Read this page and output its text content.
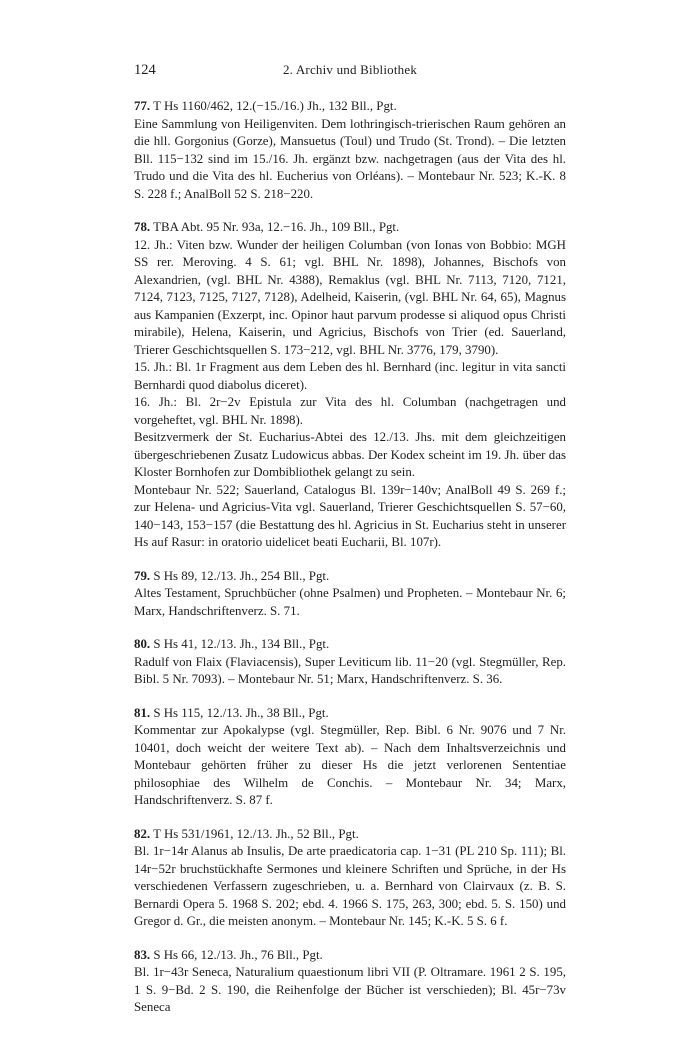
124	2. Archiv und Bibliothek
77. T Hs 1160/462, 12.(−15./16.) Jh., 132 Bll., Pgt.

Eine Sammlung von Heiligenviten. Dem lothringisch-trierischen Raum gehören an die hll. Gorgonius (Gorze), Mansuetus (Toul) und Trudo (St. Trond). – Die letzten Bll. 115−132 sind im 15./16. Jh. ergänzt bzw. nachgetragen (aus der Vita des hl. Trudo und die Vita des hl. Eucherius von Orléans). – Montebaur Nr. 523; K.-K. 8 S. 228 f.; AnalBoll 52 S. 218−220.

78. TBA Abt. 95 Nr. 93a, 12.−16. Jh., 109 Bll., Pgt.

12. Jh.: Viten bzw. Wunder der heiligen Columban (von Ionas von Bobbio: MGH SS rer. Meroving. 4 S. 61; vgl. BHL Nr. 1898), Johannes, Bischofs von Alexandrien, (vgl. BHL Nr. 4388), Remaklus (vgl. BHL Nr. 7113, 7120, 7121, 7124, 7123, 7125, 7127, 7128), Adelheid, Kaiserin, (vgl. BHL Nr. 64, 65), Magnus aus Kampanien (Exzerpt, inc. Opinor haut parvum prodesse si aliquod opus Christi mirabile), Helena, Kaiserin, und Agricius, Bischofs von Trier (ed. Sauerland, Trierer Geschichtsquellen S. 173−212, vgl. BHL Nr. 3776, 179, 3790).

15. Jh.: Bl. 1r Fragment aus dem Leben des hl. Bernhard (inc. legitur in vita sancti Bernhardi quod diabolus diceret).

16. Jh.: Bl. 2r−2v Epistula zur Vita des hl. Columban (nachgetragen und vorgeheftet, vgl. BHL Nr. 1898).

Besitzvermerk der St. Eucharius-Abtei des 12./13. Jhs. mit dem gleichzeitigen übergeschriebenen Zusatz Ludowicus abbas. Der Kodex scheint im 19. Jh. über das Kloster Bornhofen zur Dombibliothek gelangt zu sein.

Montebaur Nr. 522; Sauerland, Catalogus Bl. 139r−140v; AnalBoll 49 S. 269 f.; zur Helena- und Agricius-Vita vgl. Sauerland, Trierer Geschichtsquellen S. 57−60, 140−143, 153−157 (die Bestattung des hl. Agricius in St. Eucharius steht in unserer Hs auf Rasur: in oratorio uidelicet beati Eucharii, Bl. 107r).

79. S Hs 89, 12./13. Jh., 254 Bll., Pgt.

Altes Testament, Spruchbücher (ohne Psalmen) und Propheten. – Montebaur Nr. 6; Marx, Handschriftenverz. S. 71.

80. S Hs 41, 12./13. Jh., 134 Bll., Pgt.

Radulf von Flaix (Flaviacensis), Super Leviticum lib. 11−20 (vgl. Stegmüller, Rep. Bibl. 5 Nr. 7093). – Montebaur Nr. 51; Marx, Handschriftenverz. S. 36.

81. S Hs 115, 12./13. Jh., 38 Bll., Pgt.

Kommentar zur Apokalypse (vgl. Stegmüller, Rep. Bibl. 6 Nr. 9076 und 7 Nr. 10401, doch weicht der weitere Text ab). – Nach dem Inhaltsverzeichnis und Montebaur gehörten früher zu dieser Hs die jetzt verlorenen Sententiae philosophiae des Wilhelm de Conchis. – Montebaur Nr. 34; Marx, Handschriftenverz. S. 87 f.

82. T Hs 531/1961, 12./13. Jh., 52 Bll., Pgt.

Bl. 1r−14r Alanus ab Insulis, De arte praedicatoria cap. 1−31 (PL 210 Sp. 111); Bl. 14r−52r bruchstückhafte Sermones und kleinere Schriften und Sprüche, in der Hs verschiedenen Verfassern zugeschrieben, u. a. Bernhard von Clairvaux (z. B. S. Bernardi Opera 5. 1968 S. 202; ebd. 4. 1966 S. 175, 263, 300; ebd. 5. S. 150) und Gregor d. Gr., die meisten anonym. – Montebaur Nr. 145; K.-K. 5 S. 6 f.

83. S Hs 66, 12./13. Jh., 76 Bll., Pgt.

Bl. 1r−43r Seneca, Naturalium quaestionum libri VII (P. Oltramare. 1961 2 S. 195, 1 S. 9−Bd. 2 S. 190, die Reihenfolge der Bücher ist verschieden); Bl. 45r−73v Seneca
